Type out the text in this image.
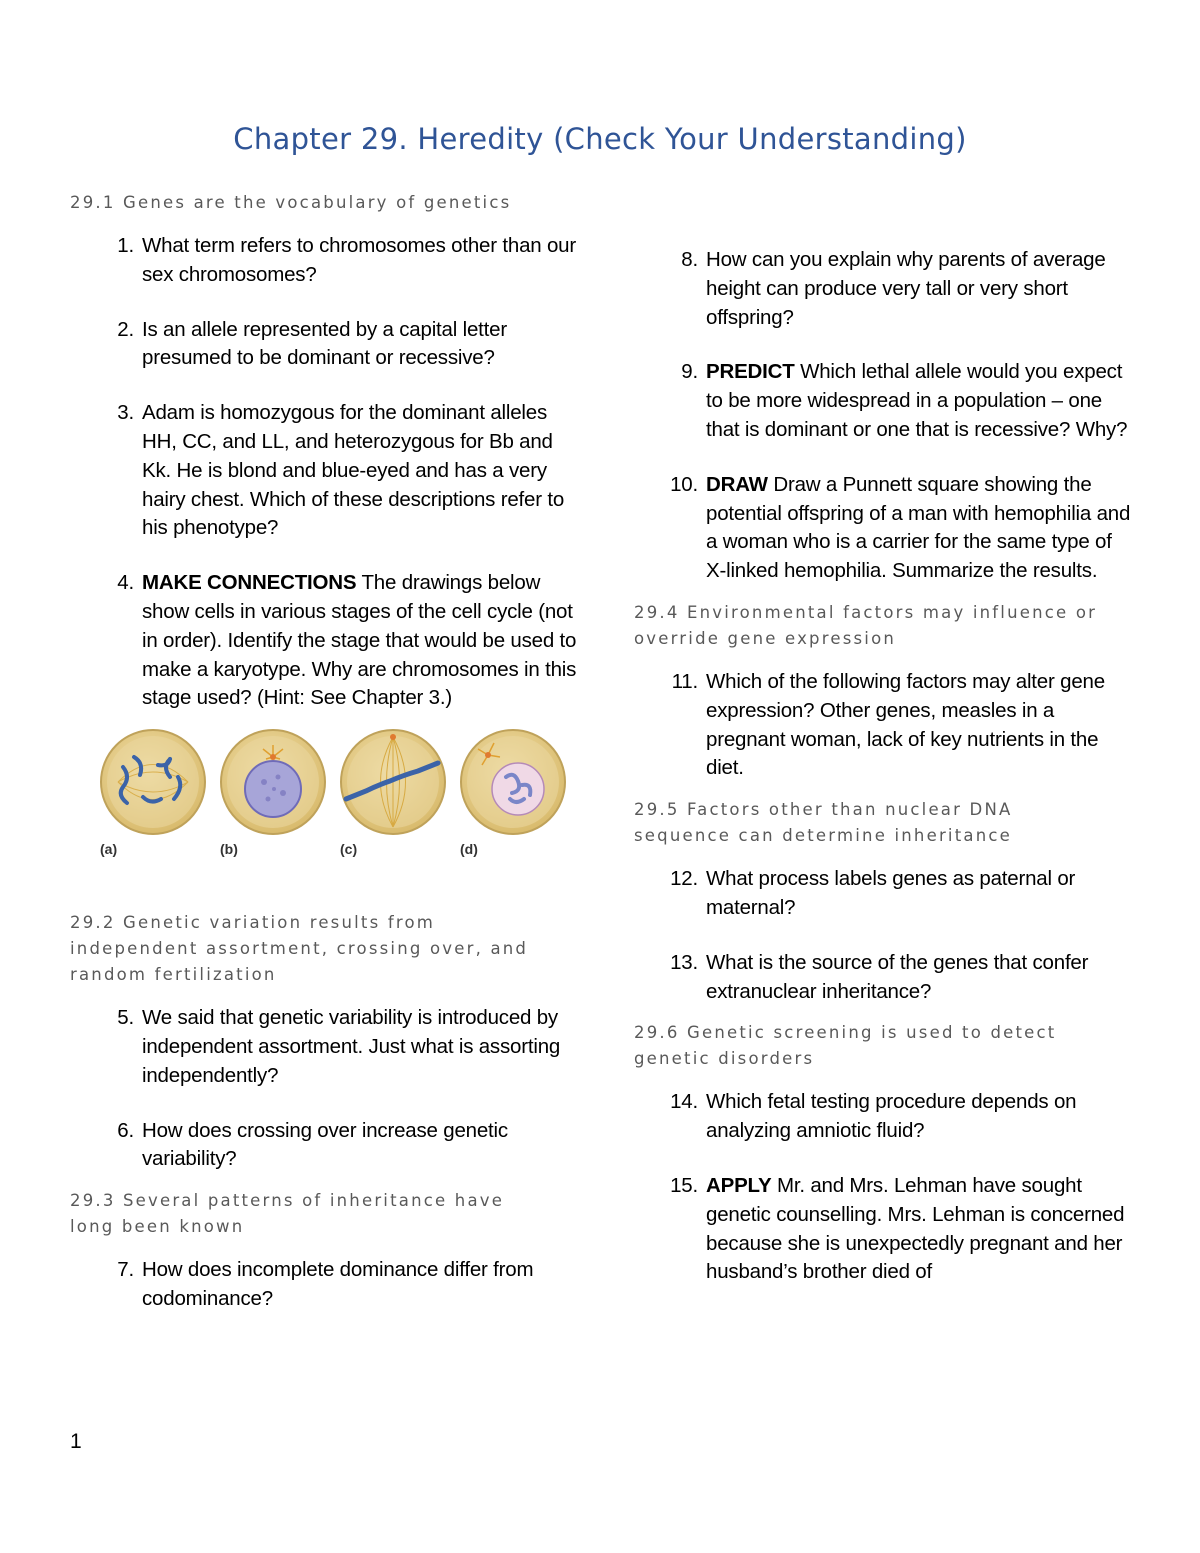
Chapter 29. Heredity (Check Your Understanding)

29.1 Genes are the vocabulary of genetics

1. What term refers to chromosomes other than our sex chromosomes?
2. Is an allele represented by a capital letter presumed to be dominant or recessive?
3. Adam is homozygous for the dominant alleles HH, CC, and LL, and heterozygous for Bb and Kk. He is blond and blue-eyed and has a very hairy chest. Which of these descriptions refer to his phenotype?
4. MAKE CONNECTIONS The drawings below show cells in various stages of the cell cycle (not in order). Identify the stage that would be used to make a karyotype. Why are chromosomes in this stage used? (Hint: See Chapter 3.)
(a)	(b)	(c)	(d)

29.2 Genetic variation results from independent assortment, crossing over, and random fertilization

5. We said that genetic variability is introduced by independent assortment. Just what is assorting independently?
6. How does crossing over increase genetic variability?

29.3 Several patterns of inheritance have long been known

7. How does incomplete dominance differ from codominance?
8. How can you explain why parents of average height can produce very tall or very short offspring?
9. PREDICT Which lethal allele would you expect to be more widespread in a population – one that is dominant or one that is recessive? Why?
10. DRAW Draw a Punnett square showing the potential offspring of a man with hemophilia and a woman who is a carrier for the same type of X-linked hemophilia. Summarize the results.

29.4 Environmental factors may influence or override gene expression

11. Which of the following factors may alter gene expression? Other genes, measles in a pregnant woman, lack of key nutrients in the diet.

29.5 Factors other than nuclear DNA sequence can determine inheritance

12. What process labels genes as paternal or maternal?
13. What is the source of the genes that confer extranuclear inheritance?

29.6 Genetic screening is used to detect genetic disorders

14. Which fetal testing procedure depends on analyzing amniotic fluid?
15. APPLY Mr. and Mrs. Lehman have sought genetic counselling. Mrs. Lehman is concerned because she is unexpectedly pregnant and her husband’s brother died of
1
